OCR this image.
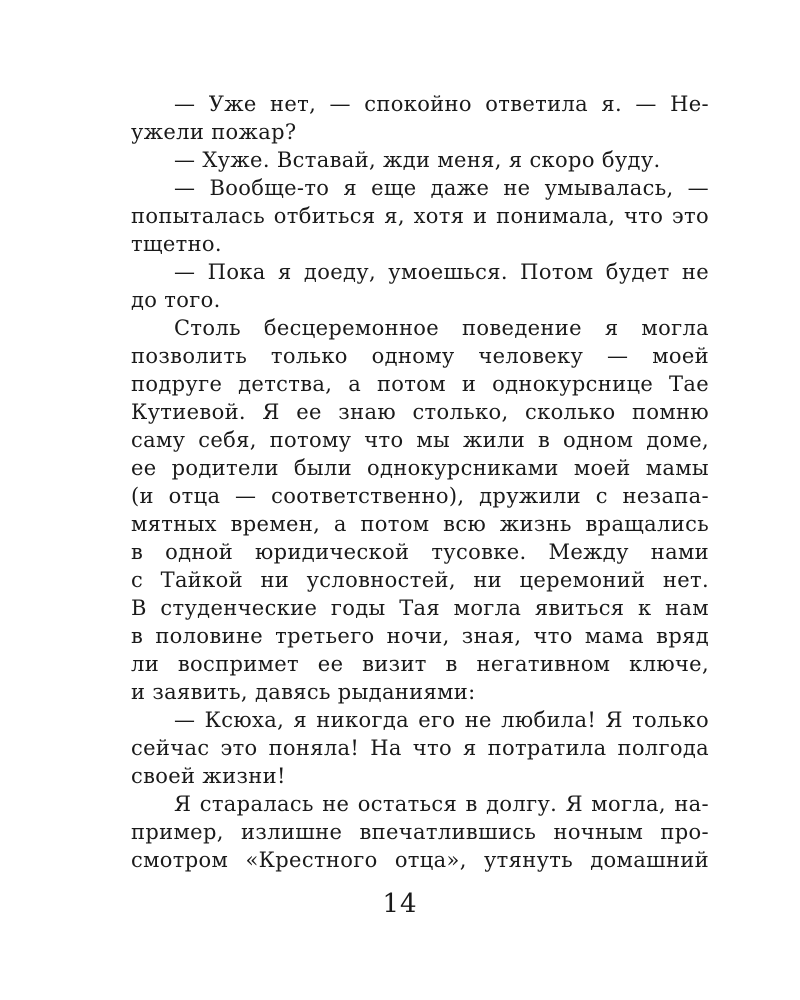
— Уже нет, — спокойно ответила я. — Не-
ужели пожар?
— Хуже. Вставай, жди меня, я скоро буду.
— Вообще-то я еще даже не умывалась, —
попыталась отбиться я, хотя и понимала, что это
тщетно.
— Пока я доеду, умоешься. Потом будет не
до того.
Столь бесцеремонное поведение я могла
позволить только одному человеку — моей
подруге детства, а потом и однокурснице Тае
Кутиевой. Я ее знаю столько, сколько помню
саму себя, потому что мы жили в одном доме,
ее родители были однокурсниками моей мамы
(и отца — соответственно), дружили с незапа-
мятных времен, а потом всю жизнь вращались
в одной юридической тусовке. Между нами
с Тайкой ни условностей, ни церемоний нет.
В студенческие годы Тая могла явиться к нам
в половине третьего ночи, зная, что мама вряд
ли воспримет ее визит в негативном ключе,
и заявить, давясь рыданиями:
— Ксюха, я никогда его не любила! Я только
сейчас это поняла! На что я потратила полгода
своей жизни!
Я старалась не остаться в долгу. Я могла, на-
пример, излишне впечатлившись ночным про-
смотром «Крестного отца», утянуть домашний
14
